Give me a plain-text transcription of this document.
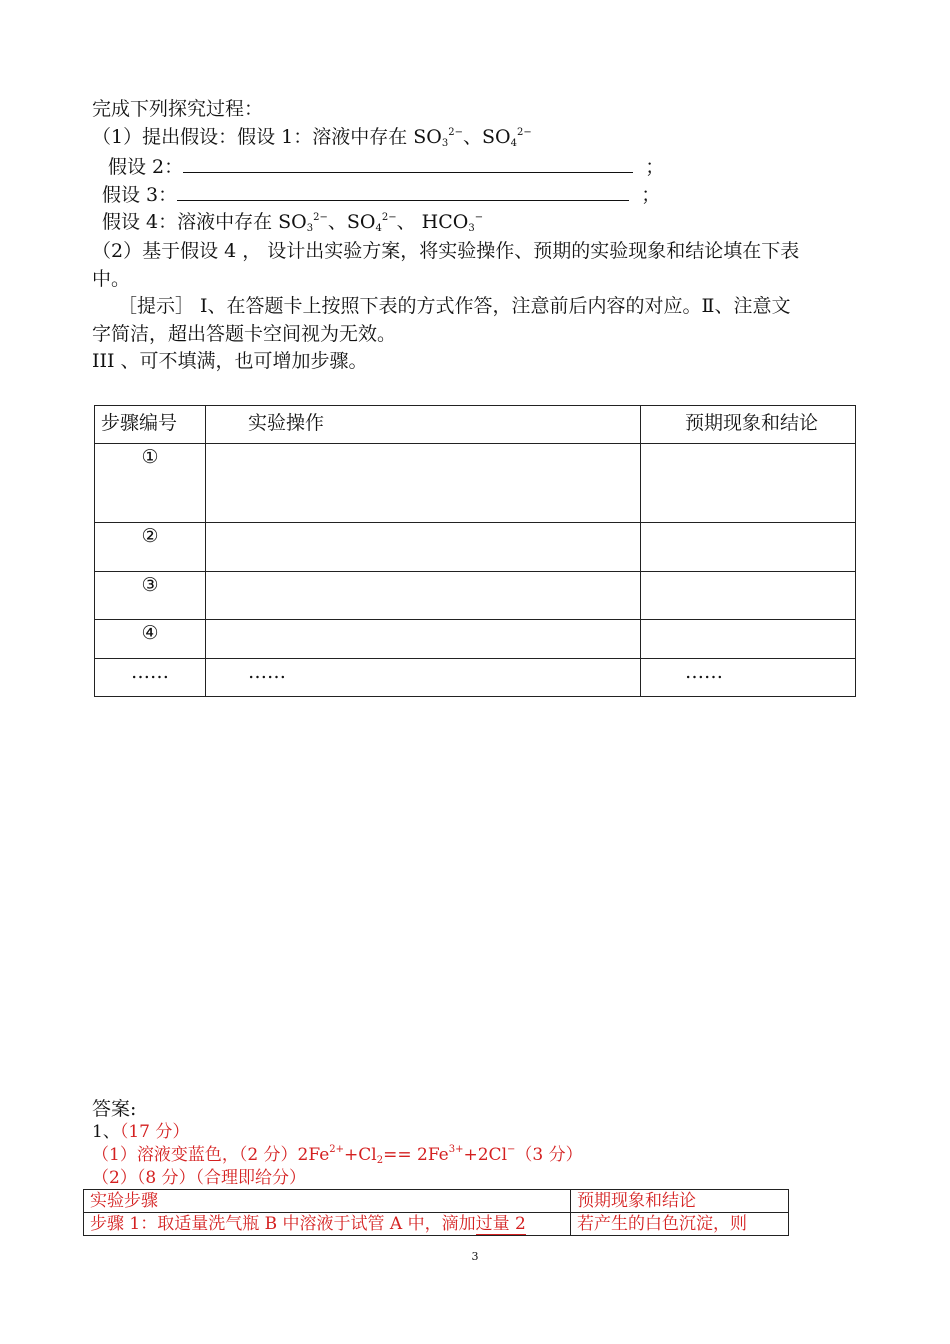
完成下列探究过程：
（1）提出假设：假设 1：溶液中存在 $SO_3^{2-}$、$SO_4^{2-}$
假设 2：	；
假设 3：	；
假设 4：溶液中存在 $SO_3^{2-}$、$SO_4^{2-}$、 $HCO_3^-$
（2）基于假设 4 ， 设计出实验方案，将实验操作、预期的实验现象和结论填在下表
中。
［提示］ I、在答题卡上按照下表的方式作答，注意前后内容的对应。Ⅱ、注意文
字简洁，超出答题卡空间视为无效。
III 、可不填满，也可增加步骤。
步骤编号	实验操作	预期现象和结论
①		
②		
③		
④		
……	……	……
答案:
1、（17 分）
（1）溶液变蓝色，（2 分）$2Fe^{2+}+Cl_2== 2Fe^{3+}+2Cl^-(3$ 分）
（2）（8 分）（合理即给分）
实验步骤	预期现象和结论
步骤 1：取适量洗气瓶 B 中溶液于试管 A 中，滴加过量 2	若产生的白色沉淀，则
3
